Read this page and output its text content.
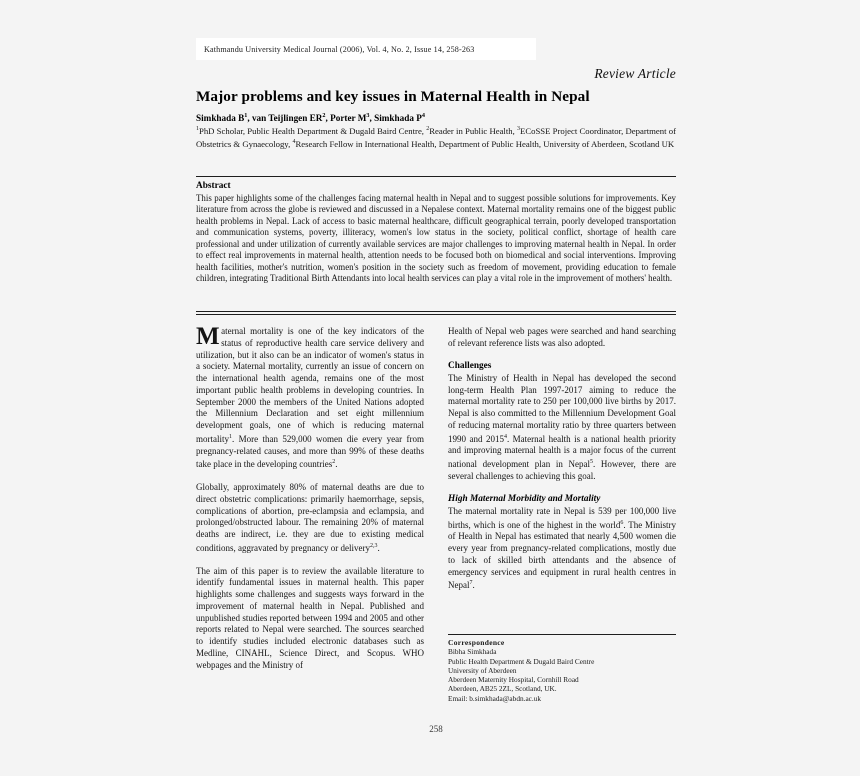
Kathmandu University Medical Journal (2006), Vol. 4, No. 2, Issue 14, 258-263
Review Article
Major problems and key issues in Maternal Health in Nepal
Simkhada $B^1$, van Teijlingen $ER^2$, Porter $M^3$, Simkhada $P^4$
$^1$PhD Scholar, Public Health Department & Dugald Baird Centre, $^2$Reader in Public Health, $^3$ECoSSE Project Coordinator, Department of Obstetrics & Gynaecology, $^4$Research Fellow in International Health, Department of Public Health, University of Aberdeen, Scotland UK
Abstract
This paper highlights some of the challenges facing maternal health in Nepal and to suggest possible solutions for improvements. Key literature from across the globe is reviewed and discussed in a Nepalese context. Maternal mortality remains one of the biggest public health problems in Nepal. Lack of access to basic maternal healthcare, difficult geographical terrain, poorly developed transportation and communication systems, poverty, illiteracy, women's low status in the society, political conflict, shortage of health care professional and under utilization of currently available services are major challenges to improving maternal health in Nepal. In order to effect real improvements in maternal health, attention needs to be focused both on biomedical and social interventions. Improving health facilities, mother's nutrition, women's position in the society such as freedom of movement, providing education to female children, integrating Traditional Birth Attendants into local health services can play a vital role in the improvement of mothers' health.

Maternal mortality is one of the key indicators of the status of reproductive health care service delivery and utilization, but it also can be an indicator of women's status in a society. Maternal mortality, currently an issue of concern on the international health agenda, remains one of the most important public health problems in developing countries. In September 2000 the members of the United Nations adopted the Millennium Declaration and set eight millennium development goals, one of which is reducing maternal mortality$^1$. More than 529,000 women die every year from pregnancy-related causes, and more than 99% of these deaths take place in the developing countries$^2$.

Globally, approximately 80% of maternal deaths are due to direct obstetric complications: primarily haemorrhage, sepsis, complications of abortion, pre-eclampsia and eclampsia, and prolonged/obstructed labour. The remaining 20% of maternal deaths are indirect, i.e. they are due to existing medical conditions, aggravated by pregnancy or delivery$^{2,3}$.

The aim of this paper is to review the available literature to identify fundamental issues in maternal health. This paper highlights some challenges and suggests ways forward in the improvement of maternal health in Nepal. Published and unpublished studies reported between 1994 and 2005 and other reports related to Nepal were searched. The sources searched to identify studies included electronic databases such as Medline, CINAHL, Science Direct, and Scopus. WHO webpages and the Ministry of

Health of Nepal web pages were searched and hand searching of relevant reference lists was also adopted.

Challenges
The Ministry of Health in Nepal has developed the second long-term Health Plan 1997-2017 aiming to reduce the maternal mortality rate to 250 per 100,000 live births by 2017. Nepal is also committed to the Millennium Development Goal of reducing maternal mortality ratio by three quarters between 1990 and 2015$^4$. Maternal health is a national health priority and improving maternal health is a major focus of the current national development plan in Nepal$^5$. However, there are several challenges to achieving this goal.

High Maternal Morbidity and Mortality
The maternal mortality rate in Nepal is 539 per 100,000 live births, which is one of the highest in the world$^6$. The Ministry of Health in Nepal has estimated that nearly 4,500 women die every year from pregnancy-related complications, mostly due to lack of skilled birth attendants and the absence of emergency services and equipment in rural health centres in Nepal$^7$.

Correspondence
Bibha Simkhada
Public Health Department & Dugald Baird Centre
University of Aberdeen
Aberdeen Maternity Hospital, Cornhill Road
Aberdeen, AB25 2ZL, Scotland, UK.
Email: b.simkhada@abdn.ac.uk
258
